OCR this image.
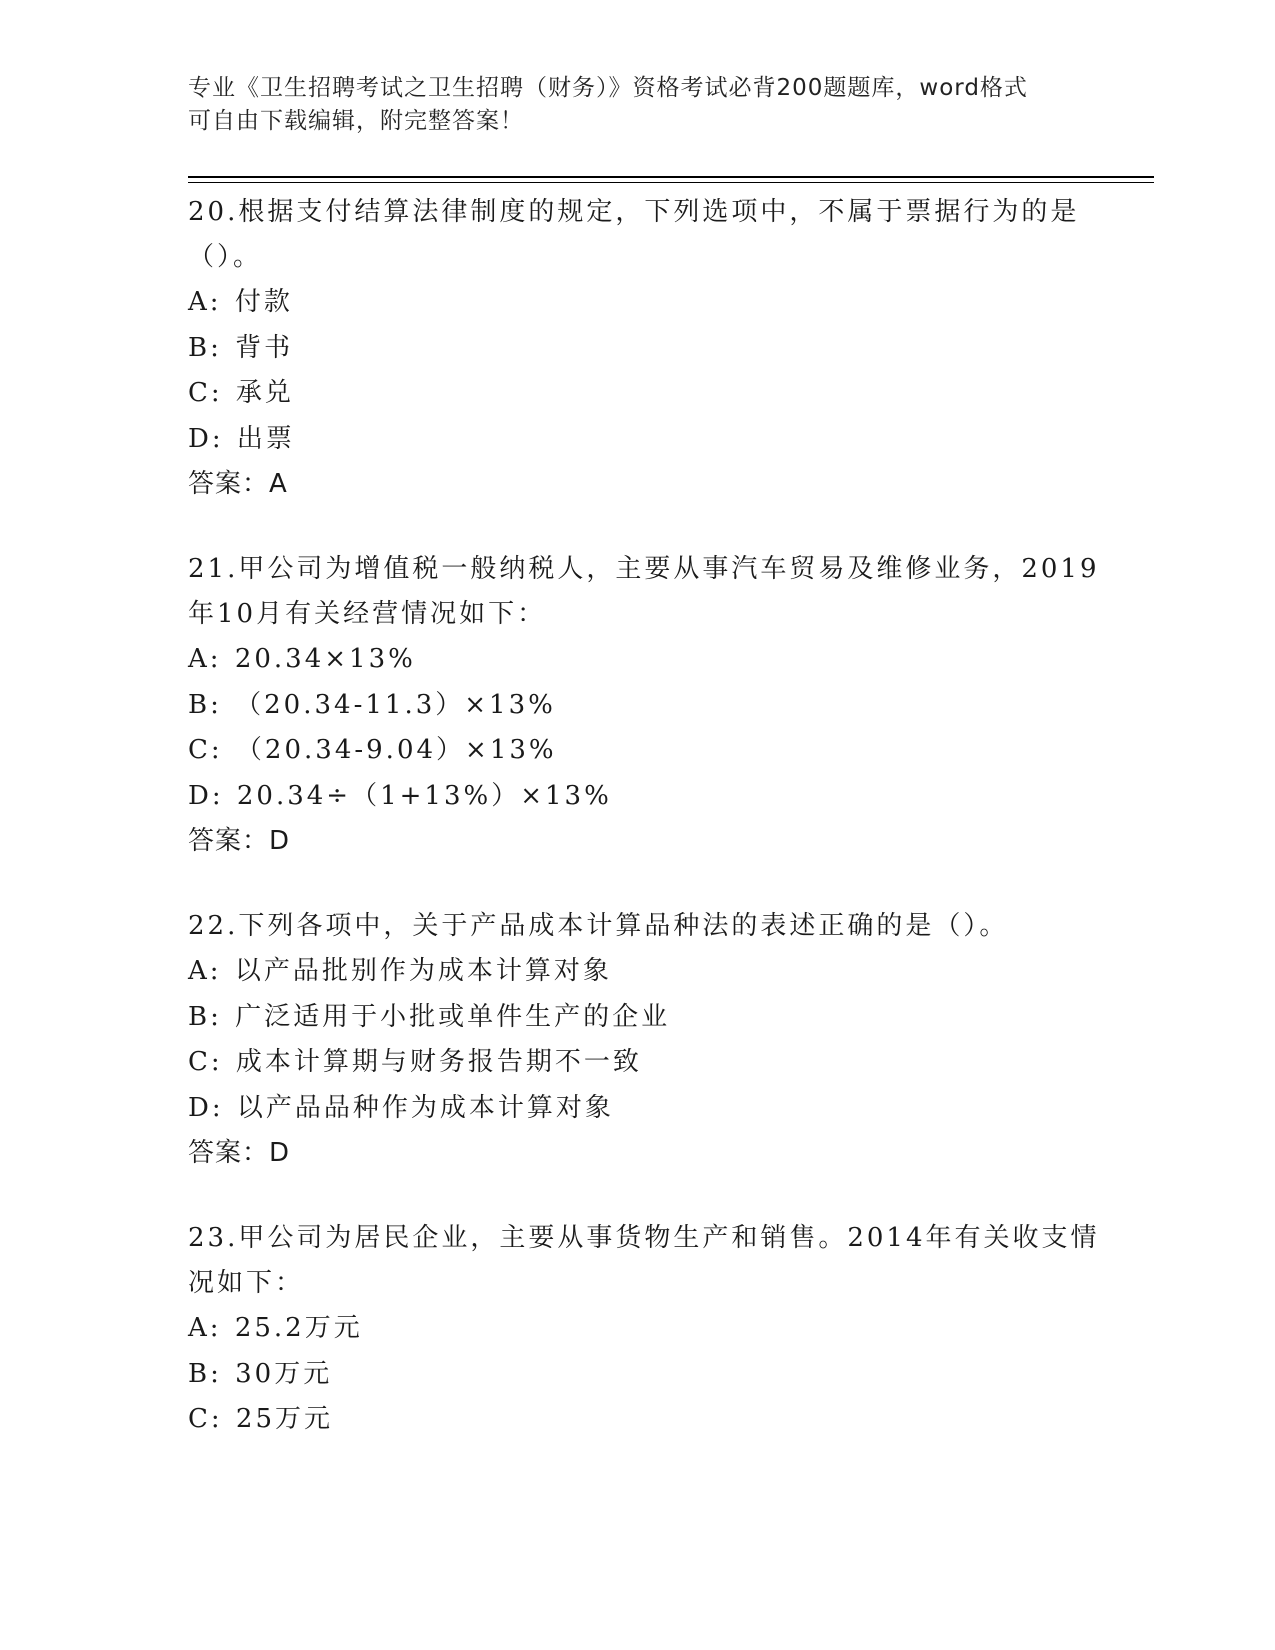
专业《卫生招聘考试之卫生招聘（财务）》资格考试必背200题题库，word格式
可自由下载编辑，附完整答案！
20.根据支付结算法律制度的规定，下列选项中，不属于票据行为的是
（）。
A: 付款
B: 背书
C: 承兑
D: 出票
答案：A
21.甲公司为增值税一般纳税人，主要从事汽车贸易及维修业务，2019
年10月有关经营情况如下：
A: 20.34×13%
B: （20.34-11.3）×13%
C: （20.34-9.04）×13%
D: 20.34÷（1+13%）×13%
答案：D
22.下列各项中，关于产品成本计算品种法的表述正确的是（）。
A: 以产品批别作为成本计算对象
B: 广泛适用于小批或单件生产的企业
C: 成本计算期与财务报告期不一致
D: 以产品品种作为成本计算对象
答案：D
23.甲公司为居民企业，主要从事货物生产和销售。2014年有关收支情
况如下：
A: 25.2万元
B: 30万元
C: 25万元
